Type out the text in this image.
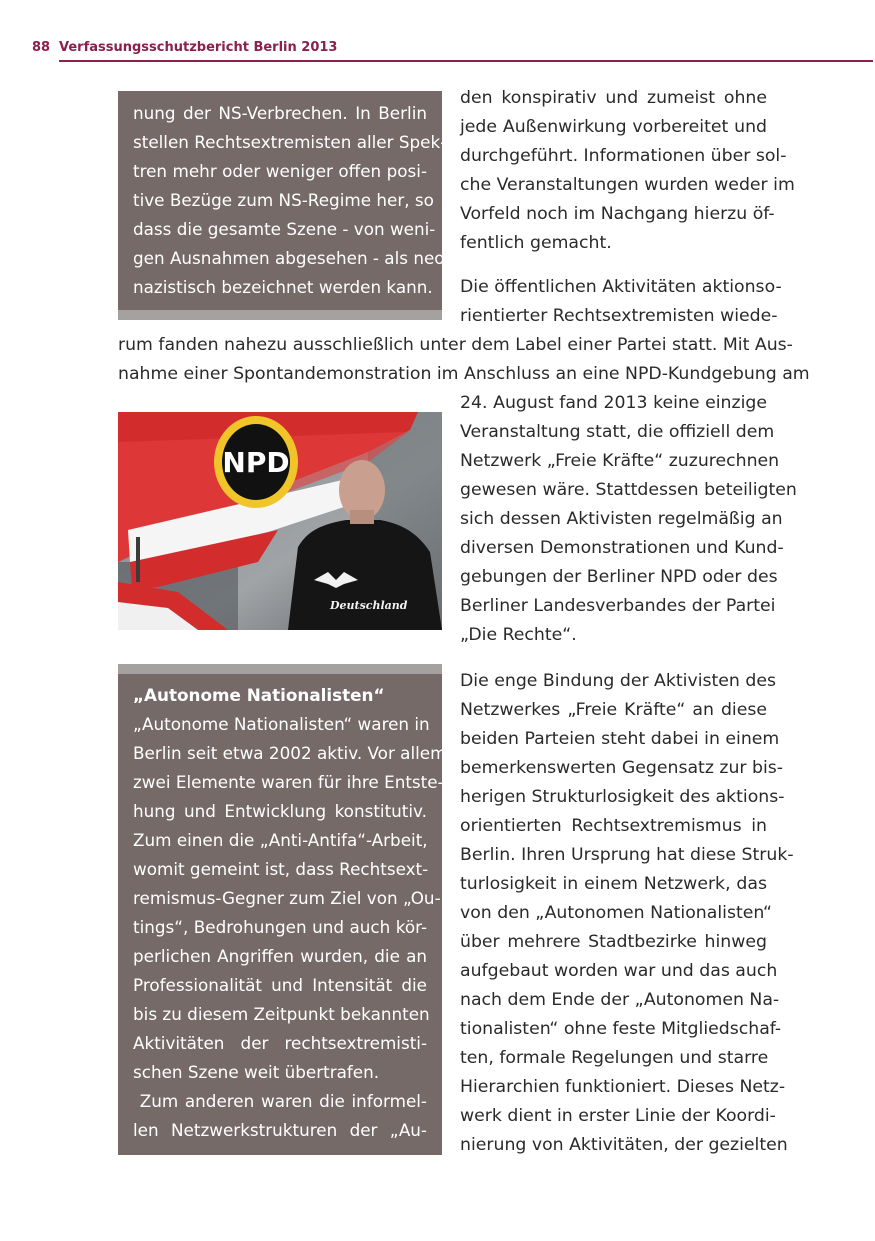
88 Verfassungsschutzbericht Berlin 2013
nung der NS-Verbrechen. In Berlin
stellen Rechtsextremisten aller Spek-
tren mehr oder weniger offen posi-
tive Bezüge zum NS-Regime her, so
dass die gesamte Szene - von weni-
gen Ausnahmen abgesehen - als neo-
nazistisch bezeichnet werden kann.
den konspirativ und zumeist ohne
jede Außenwirkung vorbereitet und
durchgeführt. Informationen über sol-
che Veranstaltungen wurden weder im
Vorfeld noch im Nachgang hierzu öf-
fentlich gemacht.
Die öffentlichen Aktivitäten aktionso-
rientierter Rechtsextremisten wiede-
rum fanden nahezu ausschließlich unter dem Label einer Partei statt. Mit Aus-
nahme einer Spontandemonstration im Anschluss an eine NPD-Kundgebung am
24. August fand 2013 keine einzige
Veranstaltung statt, die offiziell dem
Netzwerk „Freie Kräfte“ zuzurechnen
gewesen wäre. Stattdessen beteiligten
sich dessen Aktivisten regelmäßig an
diversen Demonstrationen und Kund-
gebungen der Berliner NPD oder des
Berliner Landesverbandes der Partei
„Die Rechte“.
NPD
Deutschland
„Autonome Nationalisten“
„Autonome Nationalisten“ waren in
Berlin seit etwa 2002 aktiv. Vor allem
zwei Elemente waren für ihre Entste-
hung und Entwicklung konstitutiv.
Zum einen die „Anti-Antifa“-Arbeit,
womit gemeint ist, dass Rechtsext-
remismus-Gegner zum Ziel von „Ou-
tings“, Bedrohungen und auch kör-
perlichen Angriffen wurden, die an
Professionalität und Intensität die
bis zu diesem Zeitpunkt bekannten
Aktivitäten der rechtsextremisti-
schen Szene weit übertrafen.
Zum anderen waren die informel-
len Netzwerkstrukturen der „Au-
Die enge Bindung der Aktivisten des
Netzwerkes „Freie Kräfte“ an diese
beiden Parteien steht dabei in einem
bemerkenswerten Gegensatz zur bis-
herigen Strukturlosigkeit des aktions-
orientierten Rechtsextremismus in
Berlin. Ihren Ursprung hat diese Struk-
turlosigkeit in einem Netzwerk, das
von den „Autonomen Nationalisten“
über mehrere Stadtbezirke hinweg
aufgebaut worden war und das auch
nach dem Ende der „Autonomen Na-
tionalisten“ ohne feste Mitgliedschaf-
ten, formale Regelungen und starre
Hierarchien funktioniert. Dieses Netz-
werk dient in erster Linie der Koordi-
nierung von Aktivitäten, der gezielten
